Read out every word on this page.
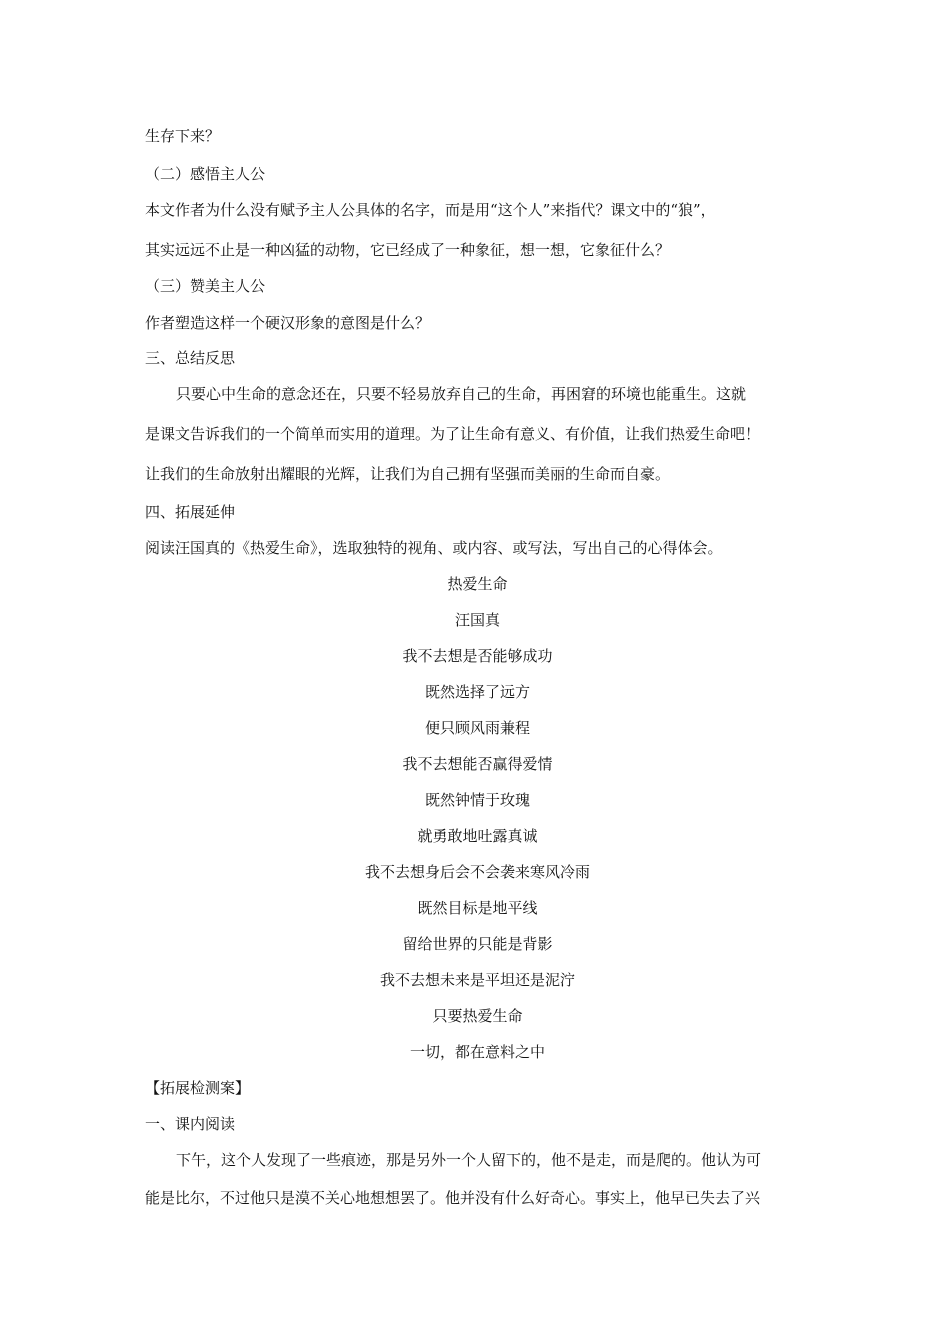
生存下来？
（二）感悟主人公
本文作者为什么没有赋予主人公具体的名字，而是用“这个人”来指代？课文中的“狼”，
其实远远不止是一种凶猛的动物，它已经成了一种象征，想一想，它象征什么？
（三）赞美主人公
作者塑造这样一个硬汉形象的意图是什么？
三、总结反思
只要心中生命的意念还在，只要不轻易放弃自己的生命，再困窘的环境也能重生。这就
是课文告诉我们的一个简单而实用的道理。为了让生命有意义、有价值，让我们热爱生命吧！
让我们的生命放射出耀眼的光辉，让我们为自己拥有坚强而美丽的生命而自豪。
四、拓展延伸
阅读汪国真的《热爱生命》，选取独特的视角、或内容、或写法，写出自己的心得体会。
热爱生命
汪国真
我不去想是否能够成功
既然选择了远方
便只顾风雨兼程
我不去想能否赢得爱情
既然钟情于玫瑰
就勇敢地吐露真诚
我不去想身后会不会袭来寒风冷雨
既然目标是地平线
留给世界的只能是背影
我不去想未来是平坦还是泥泞
只要热爱生命
一切，都在意料之中
【拓展检测案】
一、课内阅读
下午，这个人发现了一些痕迹，那是另外一个人留下的，他不是走，而是爬的。他认为可
能是比尔，不过他只是漠不关心地想想罢了。他并没有什么好奇心。事实上，他早已失去了兴
